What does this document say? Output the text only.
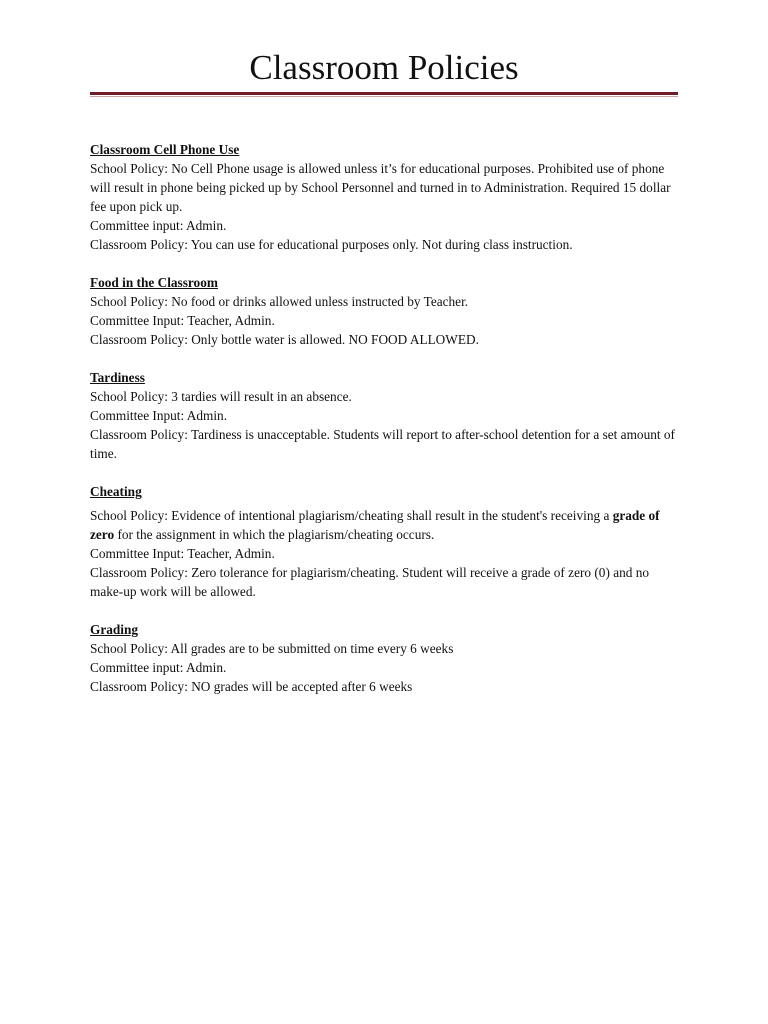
Classroom Policies
Classroom Cell Phone Use
School Policy: No Cell Phone usage is allowed unless it’s for educational purposes. Prohibited use of phone will result in phone being picked up by School Personnel and turned in to Administration. Required 15 dollar fee upon pick up.
Committee input: Admin.
Classroom Policy: You can use for educational purposes only. Not during class instruction.
Food in the Classroom
School Policy: No food or drinks allowed unless instructed by Teacher.
Committee Input: Teacher, Admin.
Classroom Policy: Only bottle water is allowed. NO FOOD ALLOWED.
Tardiness
School Policy: 3 tardies will result in an absence.
Committee Input: Admin.
Classroom Policy: Tardiness is unacceptable. Students will report to after-school detention for a set amount of time.
Cheating
School Policy: Evidence of intentional plagiarism/cheating shall result in the student's receiving a grade of zero for the assignment in which the plagiarism/cheating occurs.
Committee Input: Teacher, Admin.
Classroom Policy: Zero tolerance for plagiarism/cheating. Student will receive a grade of zero (0) and no make-up work will be allowed.
Grading
School Policy: All grades are to be submitted on time every 6 weeks
Committee input: Admin.
Classroom Policy: NO grades will be accepted after 6 weeks
